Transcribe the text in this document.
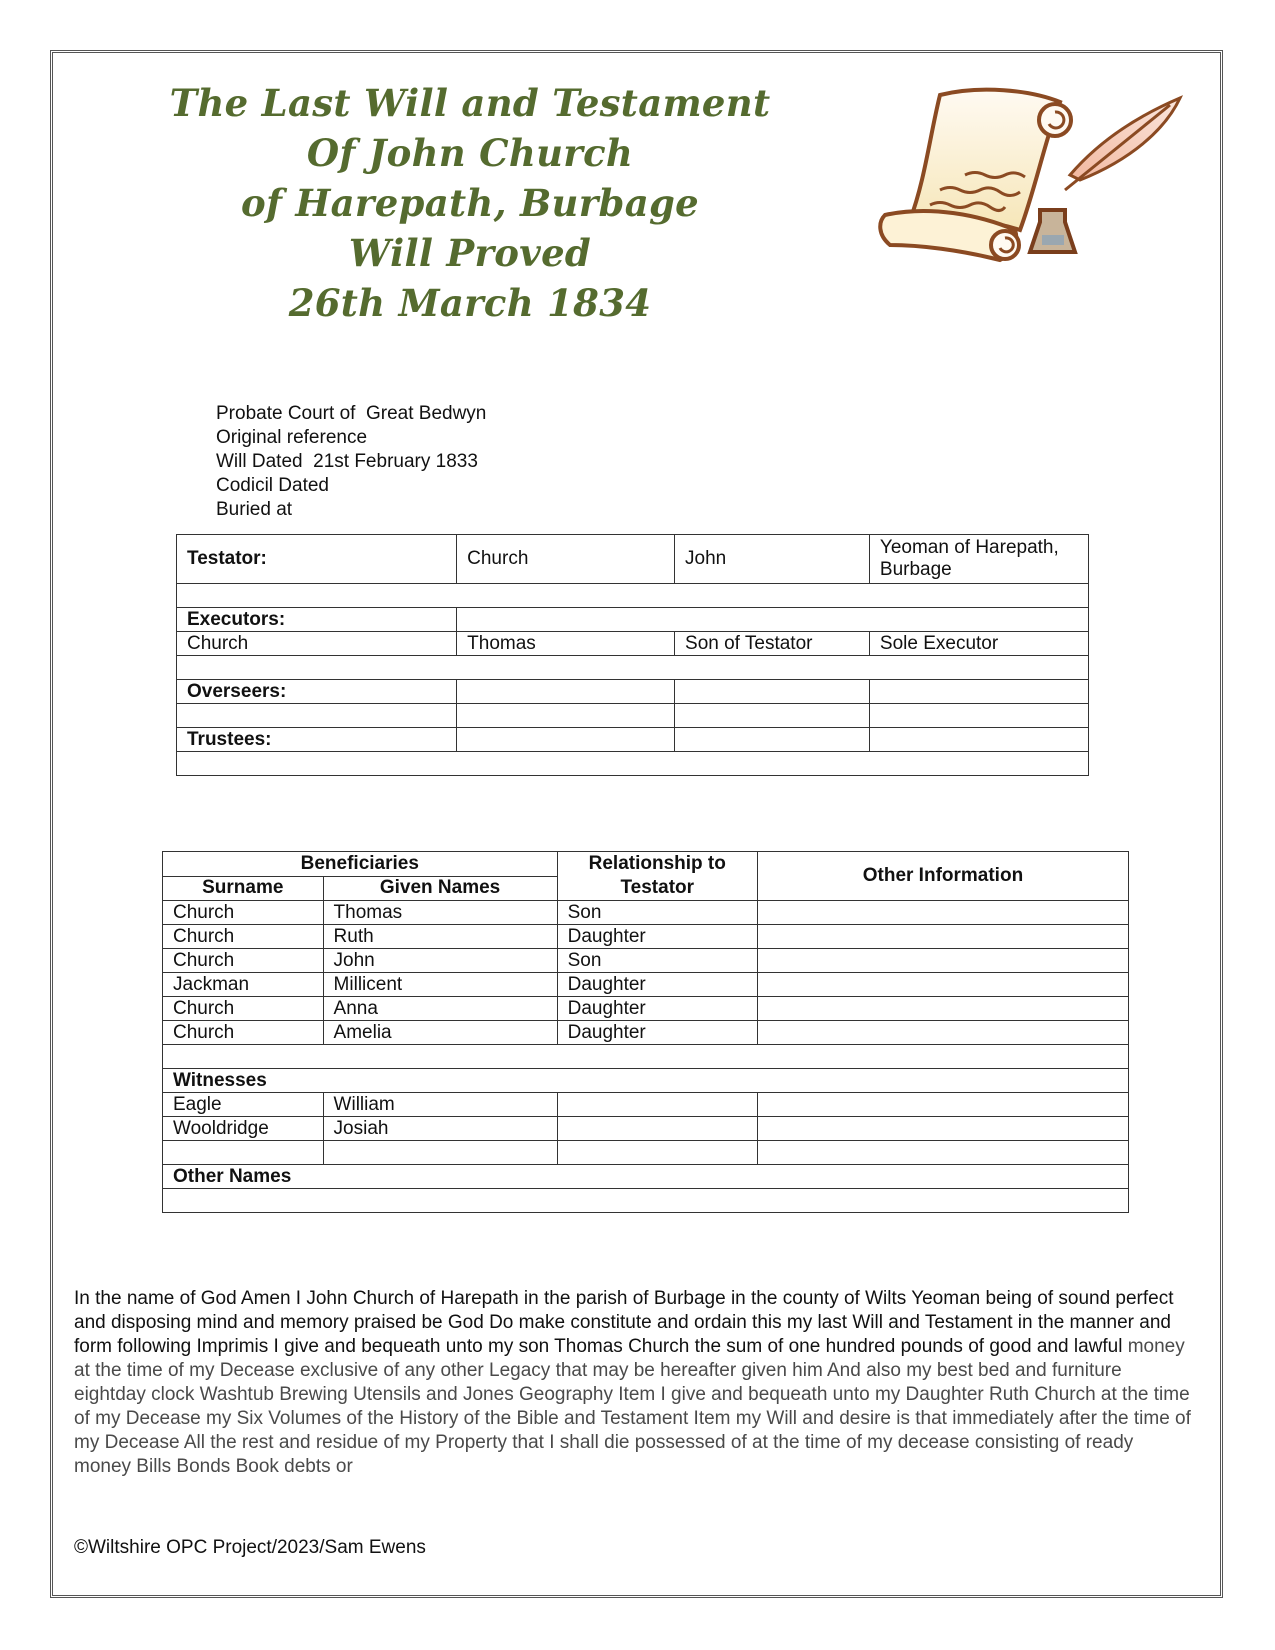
The Last Will and Testament
Of John Church
of Harepath, Burbage
Will Proved
26th March 1834
Probate Court of  Great Bedwyn
Original reference
Will Dated  21st February 1833
Codicil Dated
Buried at
Testator:	Church	John	Yeoman of Harepath, Burbage

Executors:			
Church	Thomas	Son of Testator	Sole Executor

Overseers:			

Trustees:			

Beneficiaries		Relationship to Testator	Other Information
Surname	Given Names		
Church	Thomas	Son	
Church	Ruth	Daughter	
Church	John	Son	
Jackman	Millicent	Daughter	
Church	Anna	Daughter	
Church	Amelia	Daughter	

Witnesses			
Eagle	William		
Wooldridge	Josiah		

Other Names			

In the name of God Amen I John Church of Harepath in the parish of Burbage in the county of Wilts Yeoman being of sound perfect and disposing mind and memory praised be God Do make constitute and ordain this my last Will and Testament in the manner and form following Imprimis I give and bequeath unto my son Thomas Church the sum of one hundred pounds of good and lawful money at the time of my Decease exclusive of any other Legacy that may be hereafter given him And also my best bed and furniture eightday clock Washtub Brewing Utensils and Jones Geography Item I give and bequeath unto my Daughter Ruth Church at the time of my Decease my Six Volumes of the History of the Bible and Testament Item my Will and desire is that immediately after the time of my Decease All the rest and residue of my Property that I shall die possessed of at the time of my decease consisting of ready money Bills Bonds Book debts or
©Wiltshire OPC Project/2023/Sam Ewens
